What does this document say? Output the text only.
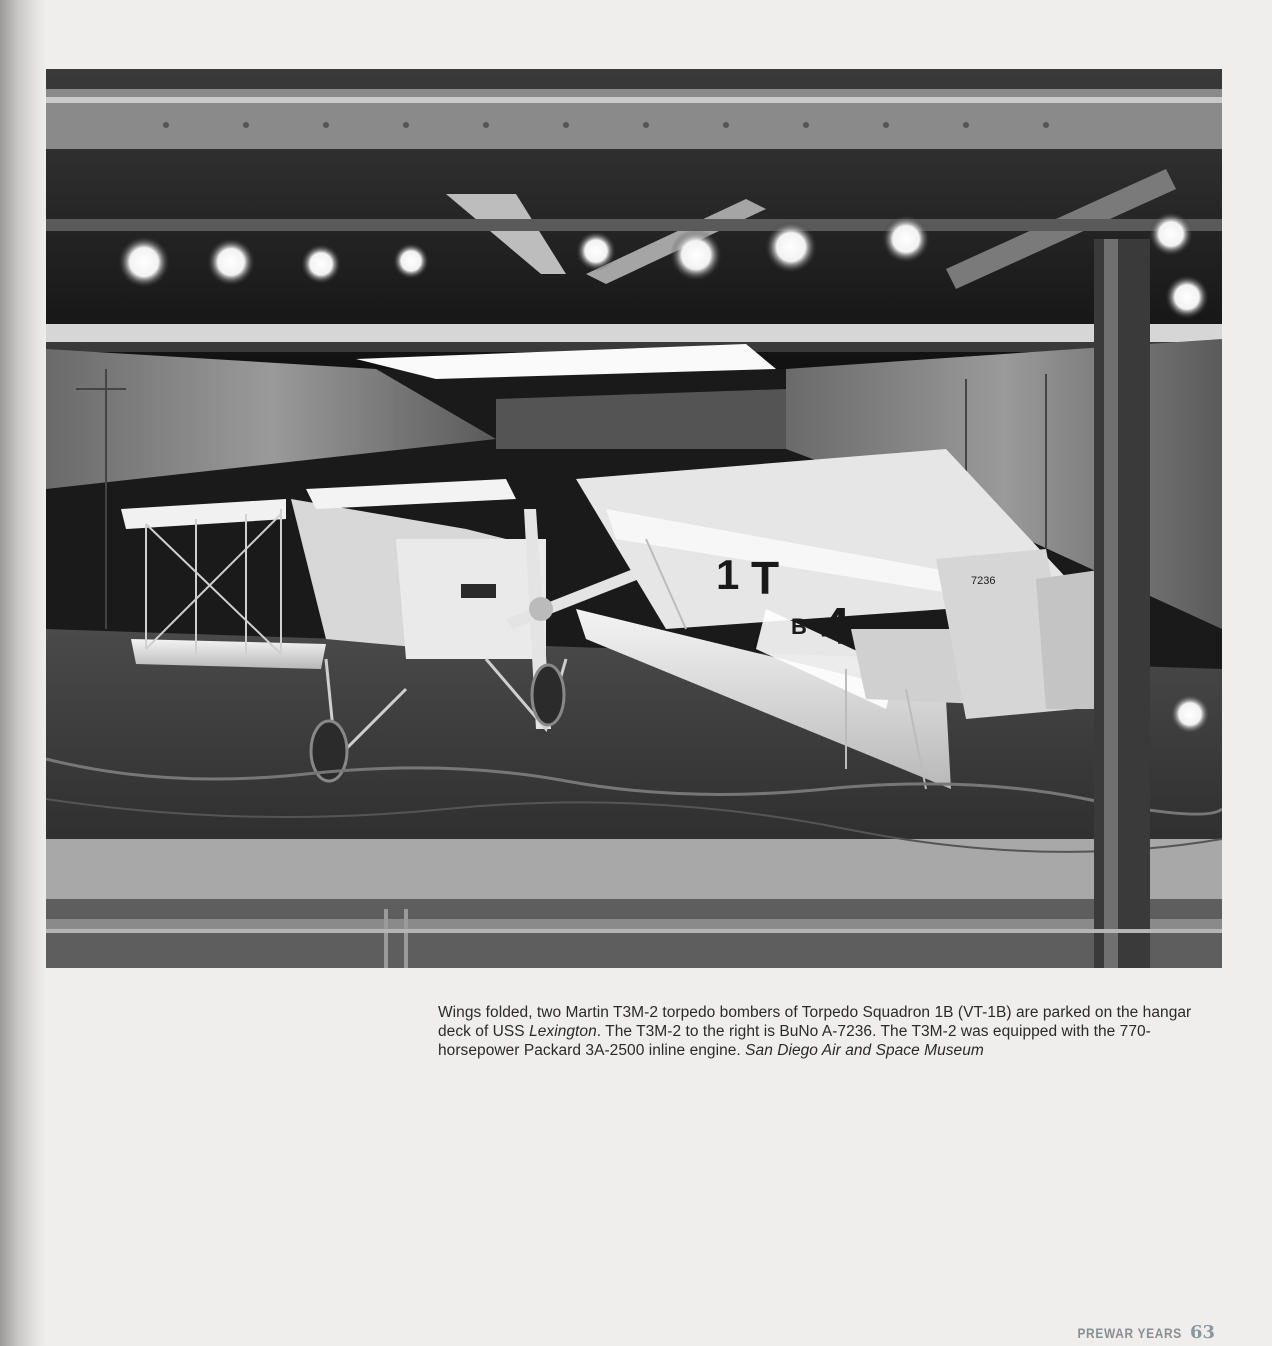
1 T
B 4
7236
Wings folded, two Martin T3M-2 torpedo bombers of Torpedo Squadron 1B (VT-1B) are parked on the hangar deck of USS Lexington. The T3M-2 to the right is BuNo A-7236. The T3M-2 was equipped with the 770-horsepower Packard 3A-2500 inline engine. San Diego Air and Space Museum
PREWAR YEARS 63
